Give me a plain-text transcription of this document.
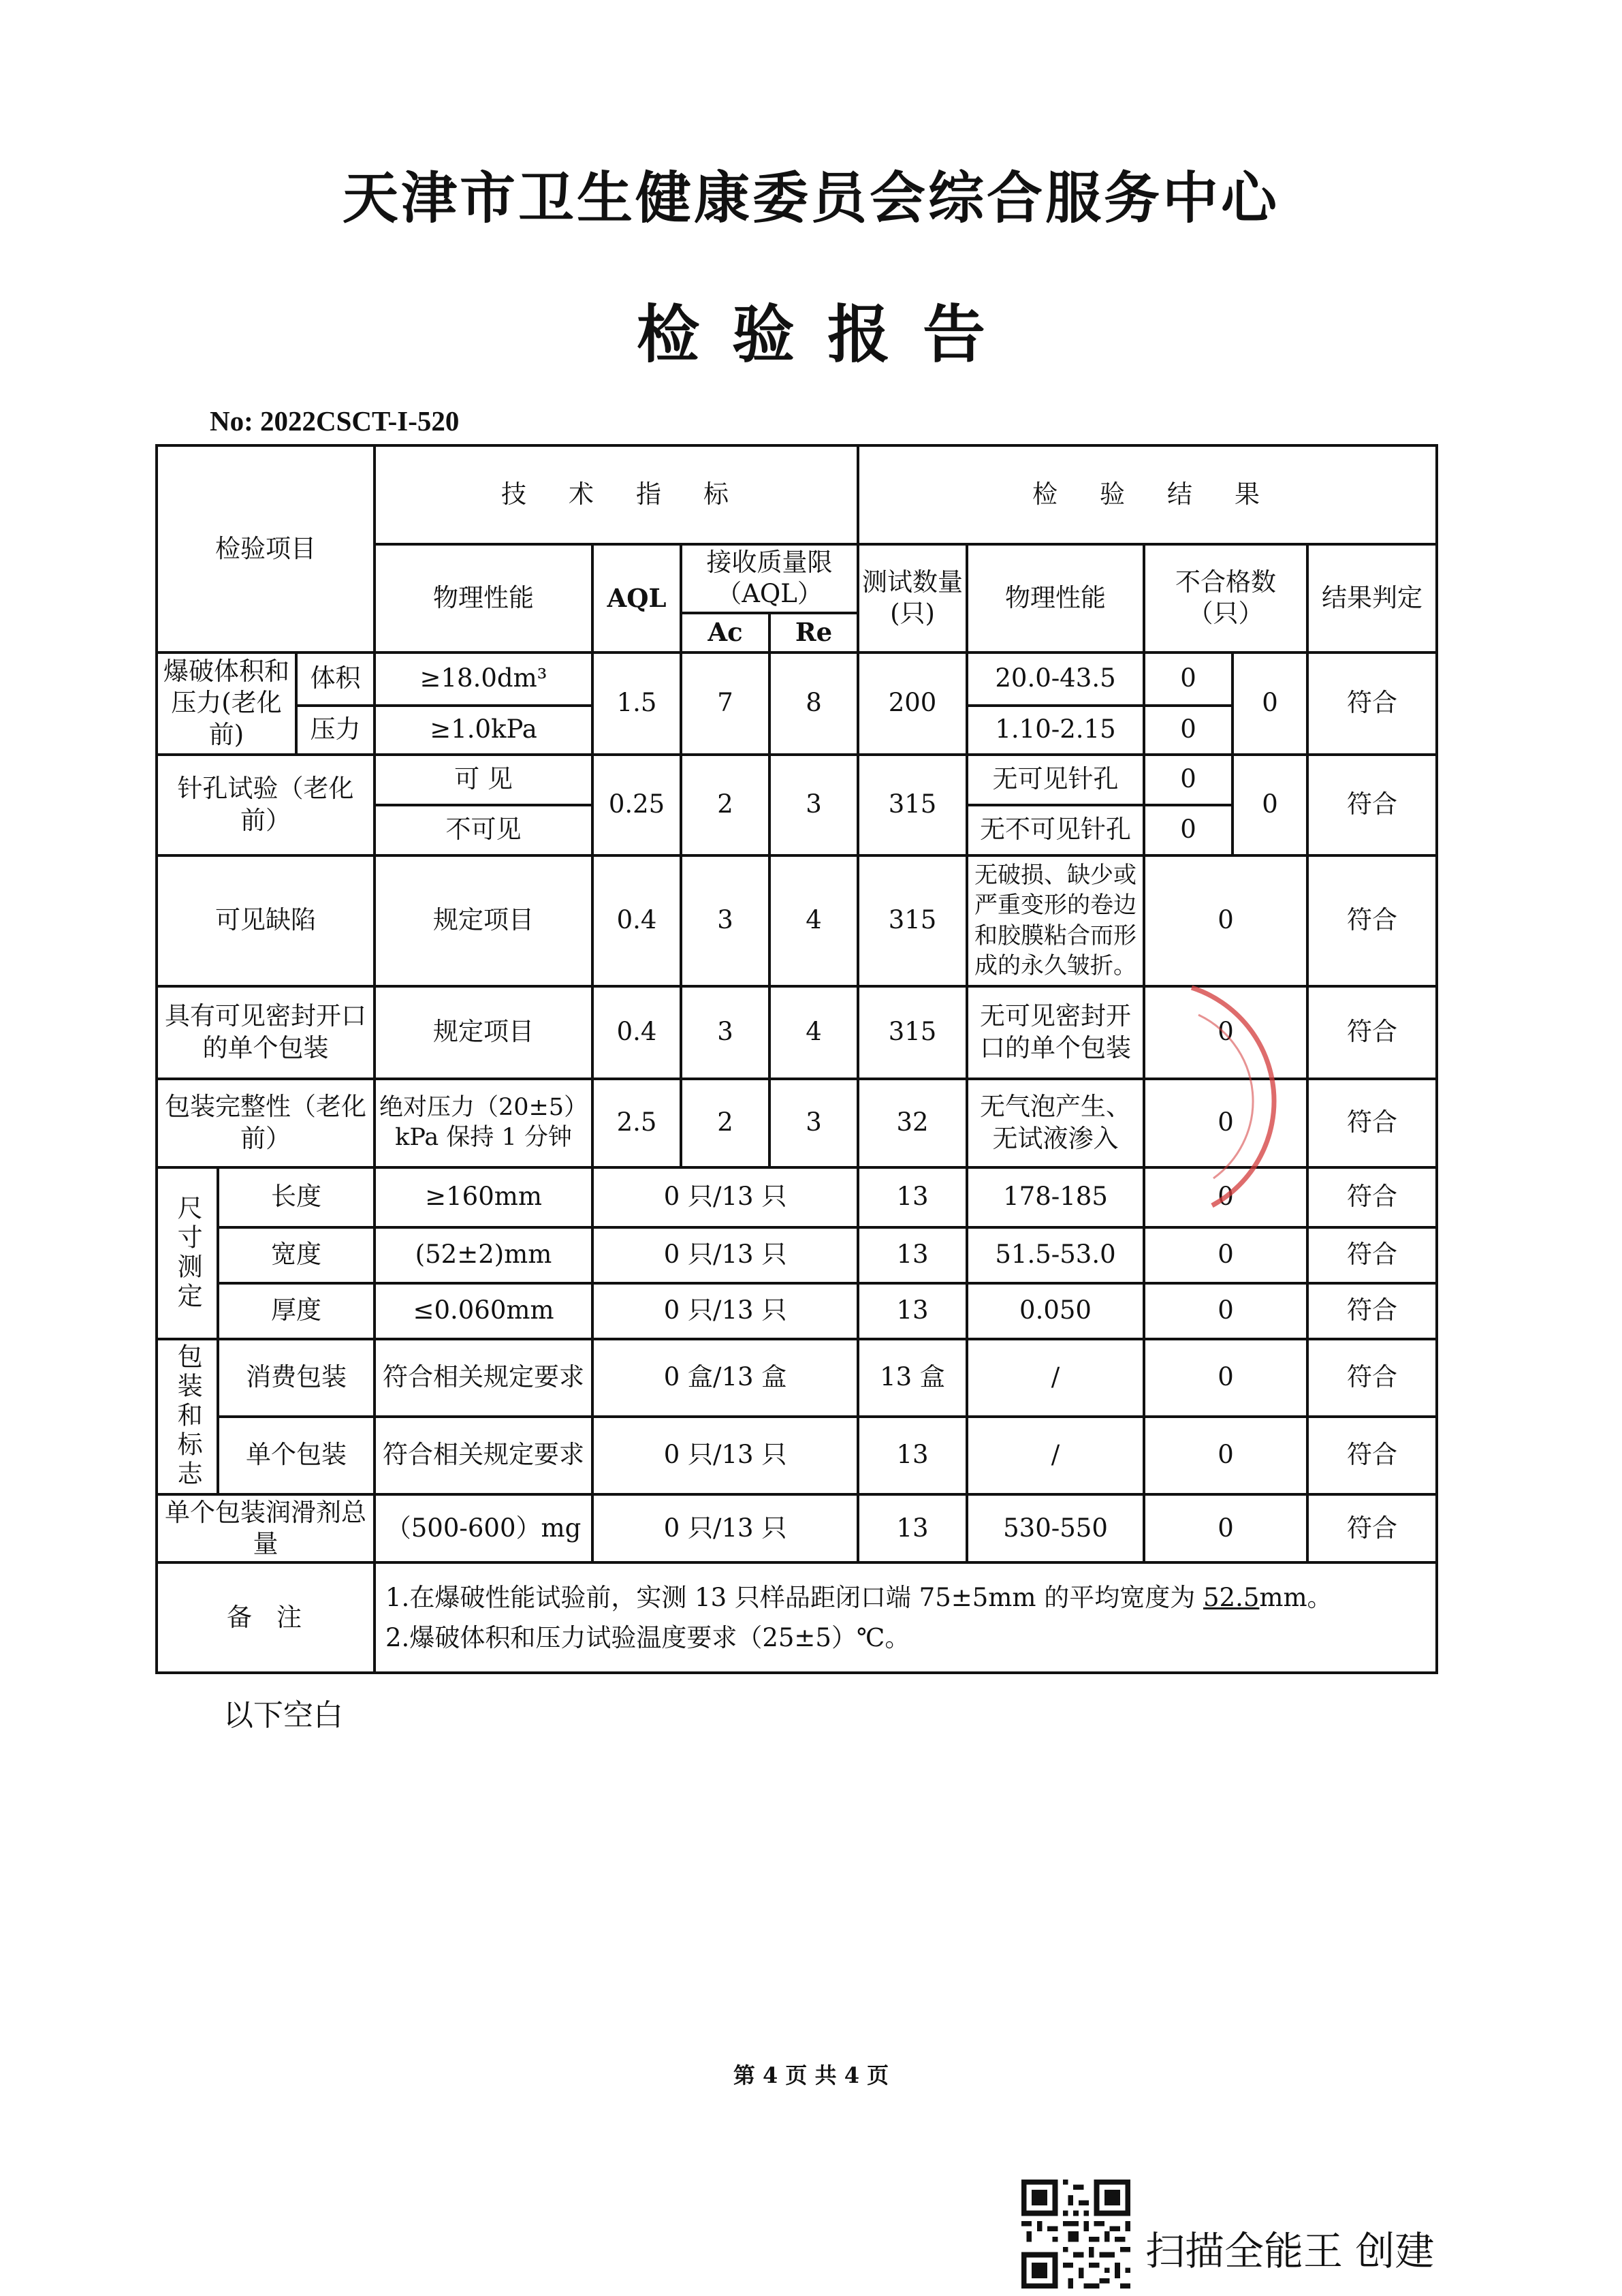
天津市卫生健康委员会综合服务中心
检验报告
No: 2022CSCT-I-520
检验项目			技术指标				检验结果				
			物理性能	AQL	接收质量限（AQL）		测试数量(只)	物理性能	不合格数（只）		结果判定
					Ac	Re					
爆破体积和压力(老化前)		体积	≥18.0dm³	1.5	7	8	200	20.0-43.5	0	0	符合
		压力	≥1.0kPa					1.10-2.15	0		
针孔试验（老化前）			可 见	0.25	2	3	315	无可见针孔	0	0	符合
			不可见					无不可见针孔	0		
可见缺陷			规定项目	0.4	3	4	315	无破损、缺少或严重变形的卷边和胶膜粘合而形成的永久皱折。	0		符合
具有可见密封开口的单个包装			规定项目	0.4	3	4	315	无可见密封开口的单个包装	0		符合
包装完整性（老化前）			绝对压力（20±5）kPa 保持 1 分钟	2.5	2	3	32	无气泡产生、无试液渗入	0		符合
尺寸测定	长度		≥160mm	0 只/13 只			13	178-185	0		符合
	宽度		(52±2)mm	0 只/13 只			13	51.5-53.0	0		符合
	厚度		≤0.060mm	0 只/13 只			13	0.050	0		符合
包装和标志	消费包装		符合相关规定要求	0 盒/13 盒			13 盒	/	0		符合
	单个包装		符合相关规定要求	0 只/13 只			13	/	0		符合
单个包装润滑剂总量			（500-600）mg	0 只/13 只			13	530-550	0		符合
备注			1.在爆破性能试验前，实测 13 只样品距闭口端 75±5mm 的平均宽度为 52.5mm。
2.爆破体积和压力试验温度要求（25±5）℃。								
以下空白
第 4 页 共 4 页
扫描全能王 创建
